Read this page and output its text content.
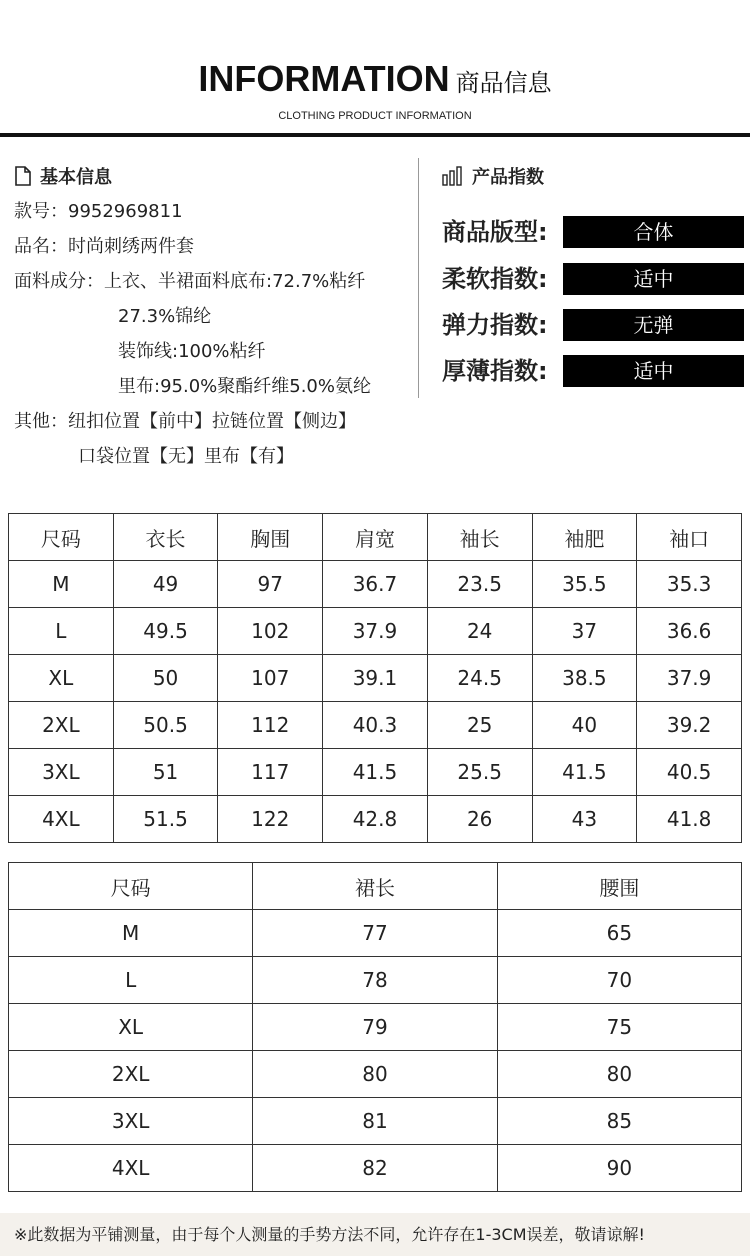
INFORMATION 商品信息
CLOTHING PRODUCT INFORMATION
基本信息
款号：9952969811
品名：时尚刺绣两件套
面料成分：上衣、半裙面料底布:72.7%粘纤
27.3%锦纶
装饰线:100%粘纤
里布:95.0%聚酯纤维5.0%氨纶
其他：纽扣位置【前中】拉链位置【侧边】
口袋位置【无】里布【有】
产品指数
商品版型:	合体
柔软指数:	适中
弹力指数:	无弹
厚薄指数:	适中
尺码	衣长	胸围	肩宽	袖长	袖肥	袖口
M	49	97	36.7	23.5	35.5	35.3
L	49.5	102	37.9	24	37	36.6
XL	50	107	39.1	24.5	38.5	37.9
2XL	50.5	112	40.3	25	40	39.2
3XL	51	117	41.5	25.5	41.5	40.5
4XL	51.5	122	42.8	26	43	41.8
尺码	裙长	腰围
M	77	65
L	78	70
XL	79	75
2XL	80	80
3XL	81	85
4XL	82	90
※此数据为平铺测量，由于每个人测量的手势方法不同，允许存在1-3CM误差，敬请谅解!
